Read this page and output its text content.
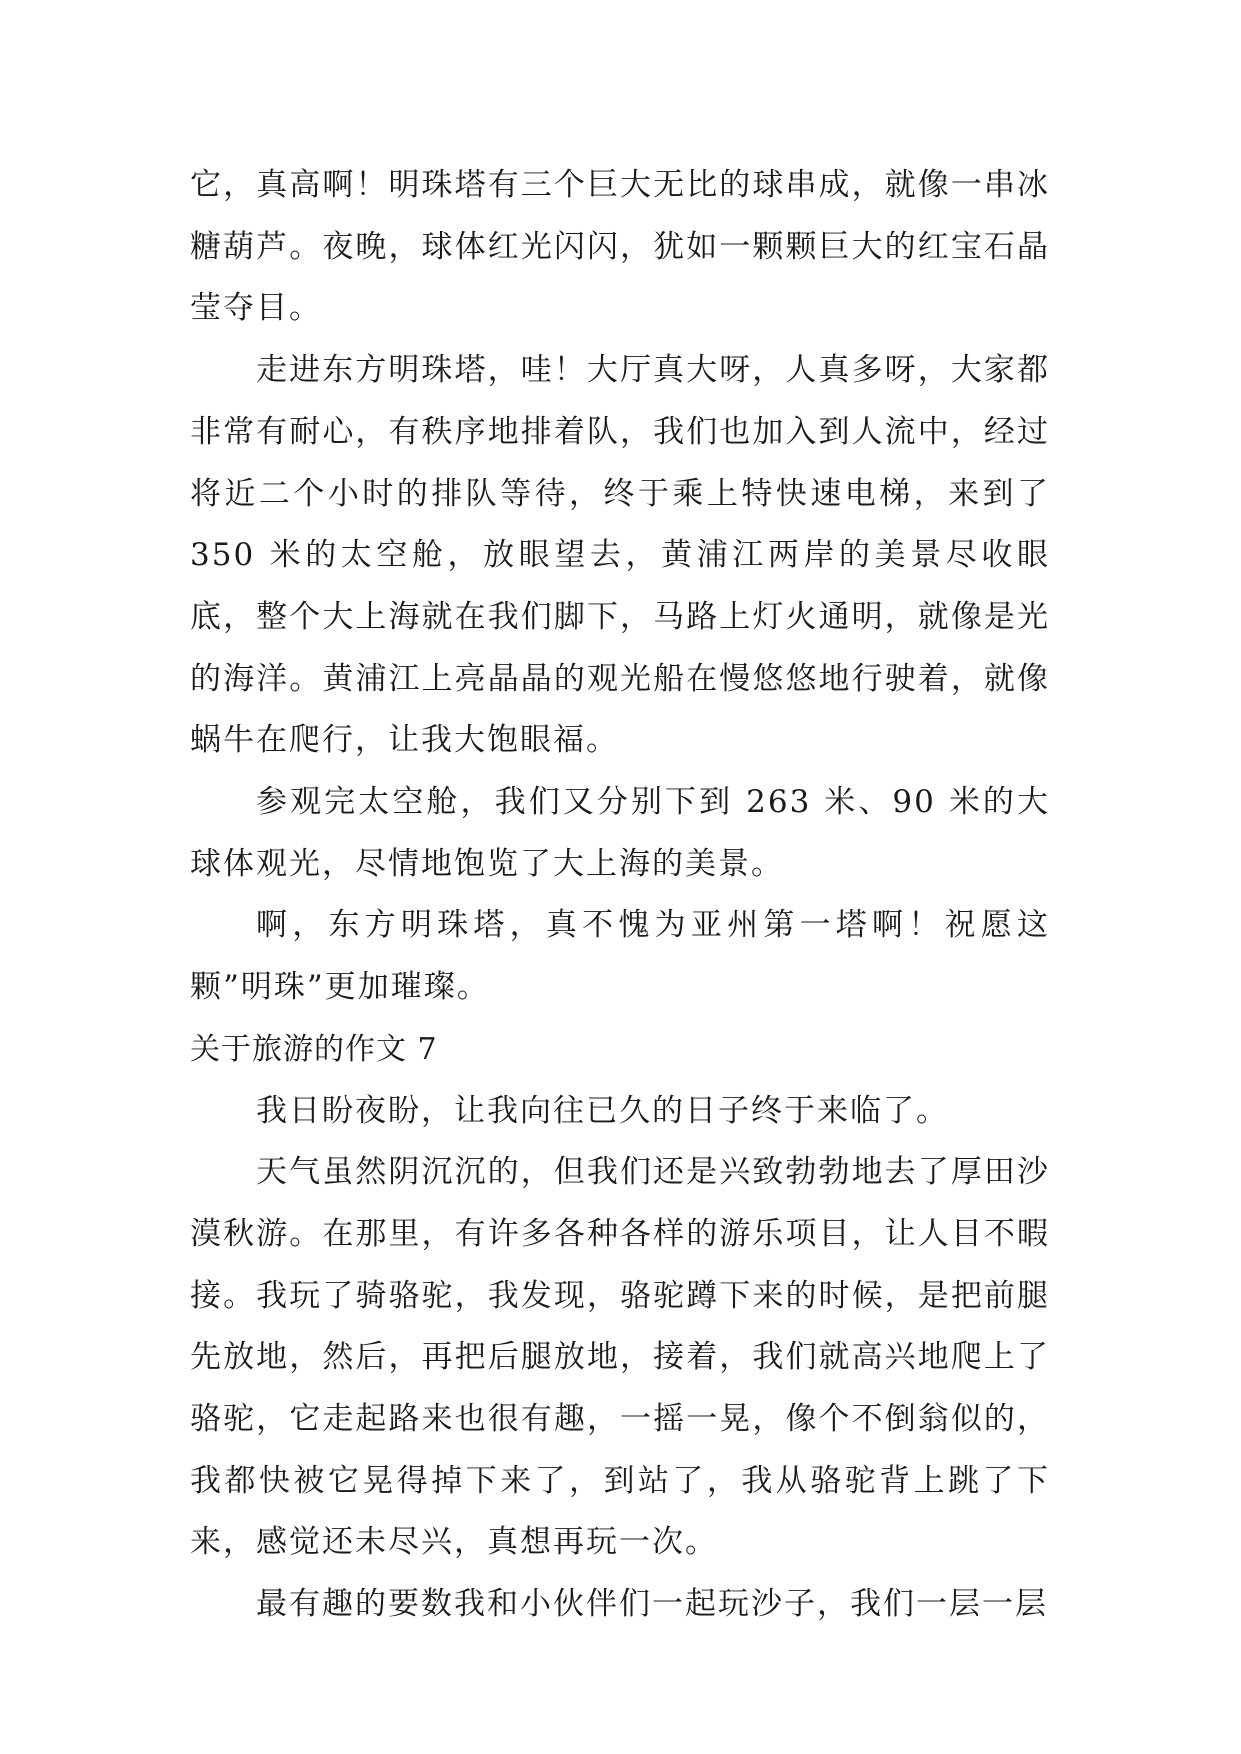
它，真高啊！明珠塔有三个巨大无比的球串成，就像一串冰糖葫芦。夜晚，球体红光闪闪，犹如一颗颗巨大的红宝石晶莹夺目。

走进东方明珠塔，哇！大厅真大呀，人真多呀，大家都非常有耐心，有秩序地排着队，我们也加入到人流中，经过将近二个小时的排队等待，终于乘上特快速电梯，来到了 350 米的太空舱，放眼望去，黄浦江两岸的美景尽收眼底，整个大上海就在我们脚下，马路上灯火通明，就像是光的海洋。黄浦江上亮晶晶的观光船在慢悠悠地行驶着，就像蜗牛在爬行，让我大饱眼福。

参观完太空舱，我们又分别下到 263 米、90 米的大球体观光，尽情地饱览了大上海的美景。

啊，东方明珠塔，真不愧为亚州第一塔啊！祝愿这颗”明珠”更加璀璨。

关于旅游的作文 7

我日盼夜盼，让我向往已久的日子终于来临了。

天气虽然阴沉沉的，但我们还是兴致勃勃地去了厚田沙漠秋游。在那里，有许多各种各样的游乐项目，让人目不暇接。我玩了骑骆驼，我发现，骆驼蹲下来的时候，是把前腿先放地，然后，再把后腿放地，接着，我们就高兴地爬上了骆驼，它走起路来也很有趣，一摇一晃，像个不倒翁似的，我都快被它晃得掉下来了，到站了，我从骆驼背上跳了下来，感觉还未尽兴，真想再玩一次。

最有趣的要数我和小伙伴们一起玩沙子，我们一层一层
